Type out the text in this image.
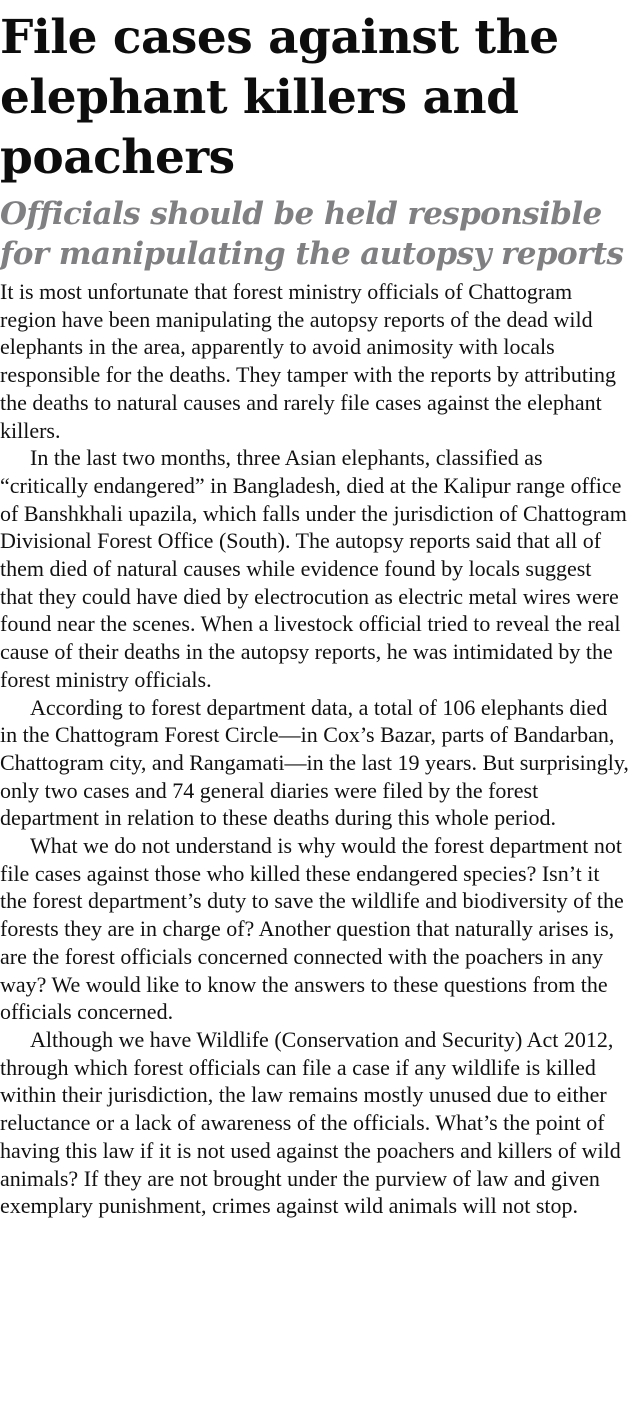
File cases against the elephant killers and poachers
Officials should be held responsible for manipulating the autopsy reports

It is most unfortunate that forest ministry officials of Chattogram region have been manipulating the autopsy reports of the dead wild elephants in the area, apparently to avoid animosity with locals responsible for the deaths. They tamper with the reports by attributing the deaths to natural causes and rarely file cases against the elephant killers.

In the last two months, three Asian elephants, classified as “critically endangered” in Bangladesh, died at the Kalipur range office of Banshkhali upazila, which falls under the jurisdiction of Chattogram Divisional Forest Office (South). The autopsy reports said that all of them died of natural causes while evidence found by locals suggest that they could have died by electrocution as electric metal wires were found near the scenes. When a livestock official tried to reveal the real cause of their deaths in the autopsy reports, he was intimidated by the forest ministry officials.

According to forest department data, a total of 106 elephants died in the Chattogram Forest Circle—in Cox’s Bazar, parts of Bandarban, Chattogram city, and Rangamati—in the last 19 years. But surprisingly, only two cases and 74 general diaries were filed by the forest department in relation to these deaths during this whole period.

What we do not understand is why would the forest department not file cases against those who killed these endangered species? Isn’t it the forest department’s duty to save the wildlife and biodiversity of the forests they are in charge of? Another question that naturally arises is, are the forest officials concerned connected with the poachers in any way? We would like to know the answers to these questions from the officials concerned.

Although we have Wildlife (Conservation and Security) Act 2012, through which forest officials can file a case if any wildlife is killed within their jurisdiction, the law remains mostly unused due to either reluctance or a lack of awareness of the officials. What’s the point of having this law if it is not used against the poachers and killers of wild animals? If they are not brought under the purview of law and given exemplary punishment, crimes against wild animals will not stop.
